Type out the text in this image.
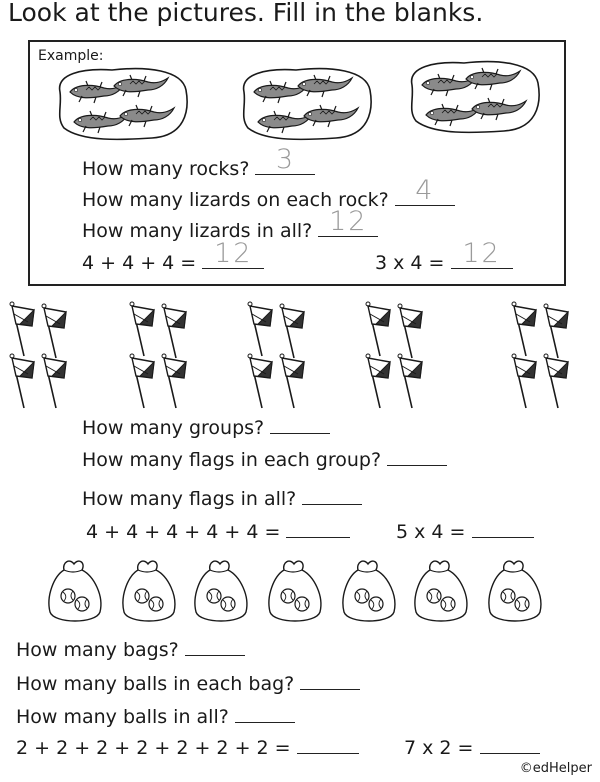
Look at the pictures. Fill in the blanks.
Example:
How many rocks? 3
How many lizards on each rock? 4
How many lizards in all? 12
4 + 4 + 4 = 12	3 x 4 = 12
How many groups?
How many flags in each group?
How many flags in all?
4 + 4 + 4 + 4 + 4 =	5 x 4 =
How many bags?
How many balls in each bag?
How many balls in all?
2 + 2 + 2 + 2 + 2 + 2 + 2 =	7 x 2 =
©edHelper
